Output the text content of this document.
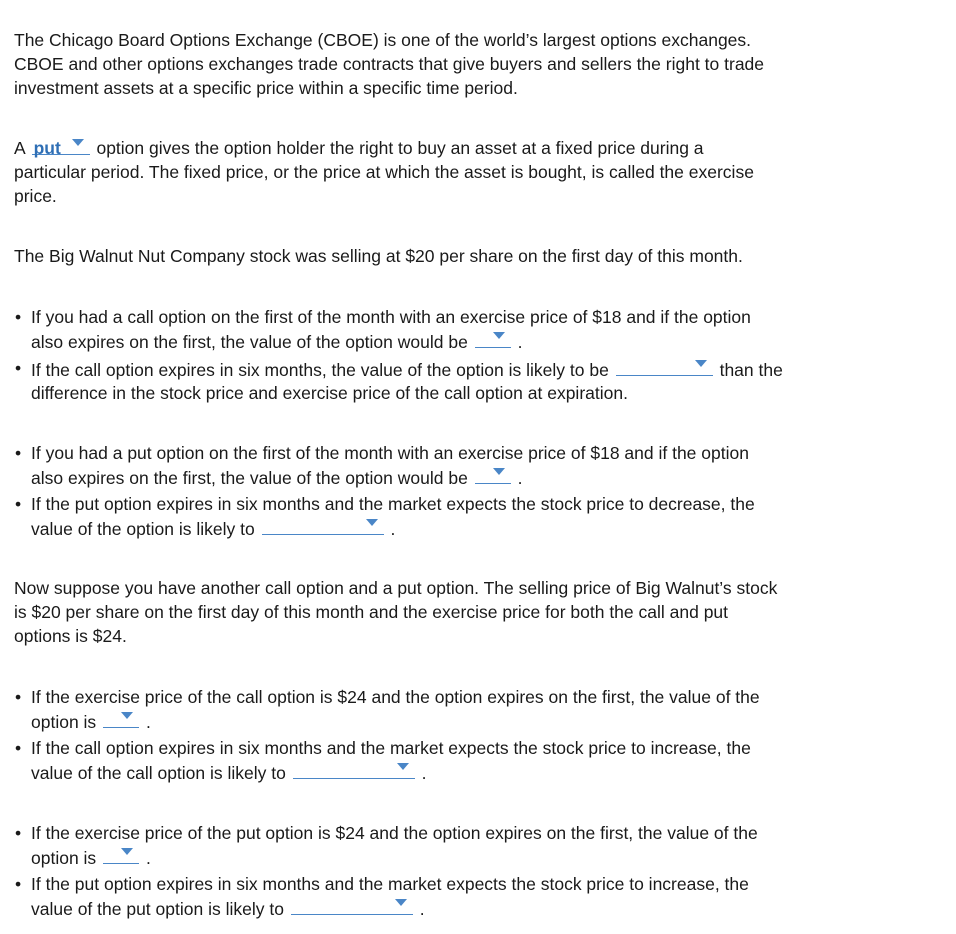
The Chicago Board Options Exchange (CBOE) is one of the world’s largest options exchanges.
CBOE and other options exchanges trade contracts that give buyers and sellers the right to trade
investment assets at a specific price within a specific time period.

A put option gives the option holder the right to buy an asset at a fixed price during a
particular period. The fixed price, or the price at which the asset is bought, is called the exercise
price.

The Big Walnut Nut Company stock was selling at $20 per share on the first day of this month.

• If you had a call option on the first of the month with an exercise price of $18 and if the option
also expires on the first, the value of the option would be	.
• If the call option expires in six months, the value of the option is likely to be	than the
difference in the stock price and exercise price of the call option at expiration.
• If you had a put option on the first of the month with an exercise price of $18 and if the option
also expires on the first, the value of the option would be	.
• If the put option expires in six months and the market expects the stock price to decrease, the
value of the option is likely to	.

Now suppose you have another call option and a put option. The selling price of Big Walnut’s stock
is $20 per share on the first day of this month and the exercise price for both the call and put
options is $24.

• If the exercise price of the call option is $24 and the option expires on the first, the value of the
option is	.
• If the call option expires in six months and the market expects the stock price to increase, the
value of the call option is likely to	.
• If the exercise price of the put option is $24 and the option expires on the first, the value of the
option is	.
• If the put option expires in six months and the market expects the stock price to increase, the
value of the put option is likely to	.
